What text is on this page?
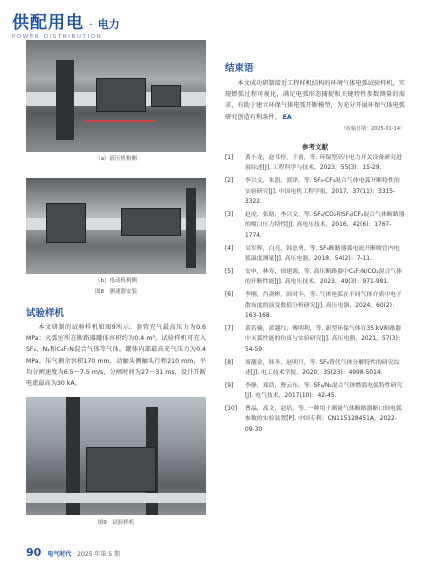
供配用电 · 电力
POWER DISTRIBUTION
（a）液压机构侧
（b）电动机构侧
图8　测速器安装
试验样机
本文研制的试验样机如图9所示。套管充气最高压力为0.6 MPa；灭弧室所在断路器罐体容积约为0.4 m³。试验样机可充入SF₆、N₂和C₄F₇N混合气体等气体。罐体内部最高充气压力为0.4 MPa。压气剩余容积170 mm，动触头侧触头行程210 mm，平均分闸速度为6.5～7.5 m/s，分闸时间为27～31 ms，设计开断电流最高为30 kA。
图9　试验样机
结束语
本文成功研制接近工程样机结构的环境气体电弧试验样机，实现燃弧过程可视化，满足电弧形态捕捉和关键特性参数测量的需求，有助于建立环保气体电弧开断模型，为充分开展环保气体电弧研究创造有利条件。 EA
（收稿日期：2025-01-14）
参考文献
[1]	黄小龙，赵耳停，王甫，等. 环保型高压电力开关设备研究进展综述[J]. 工程科学与技术，2023，55(3)：15-29.
[2]	李兴文，朱凯，郭泽，等. SF₆-CF₄混合气体电弧开断特性的实验研究[J]. 中国电机工程学报，2017，37(11)：3315-3322.
[3]	赵虎，张晗，李兴文，等. SF₆/CO₂和SF₆/CF₄混合气体断路器的喷口压力特性[J]. 高电压技术，2016，42(6)：1767-1774.
[4]	吴军辉，白亮，韩忠勇，等. SF₆断路器弧电流开断喷管内电弧温度测量[J]. 高压电器，2018，54(2)：7-11.
[5]	安申，林寿，徐建源，等. 高压断路器中C₄F₇N/CO₂混合气体的开断性能[J]. 高电压技术，2023，49(3)：971-981.
[6]	李刚，肖剑彬，阎对丰，等. 气体电弧在不同气体介质中电子散布度的演变数值分析研究[J]. 高压电器，2024，60(2)：163-168.
[7]	黄若楠，黄越红，傅明利，等. 新型环保气体在35 kV断路器中灭弧性能的仿真与实验研究[J]. 高压电器，2021，57(3)：54-59.
[8]	周靓金，韩冬，赵明月，等. SF₆替代气体分解特性的研究综述[J]. 电工技术学报，2020，35(23)：4998-5014.
[9]	李静，郑浩，曹云东，等. SF₆/N₂混合气体燃弧电弧特性研究[J]. 电气技术，2017(10)：42-45.
[10]	曹晶，高文，赵培，等. 一种用于测量气体断路器断口间电弧参数的实验装置[P]. 中国专利：CN115128451A，2022-09-30
90 电气时代 · 2025 年第 5 期
